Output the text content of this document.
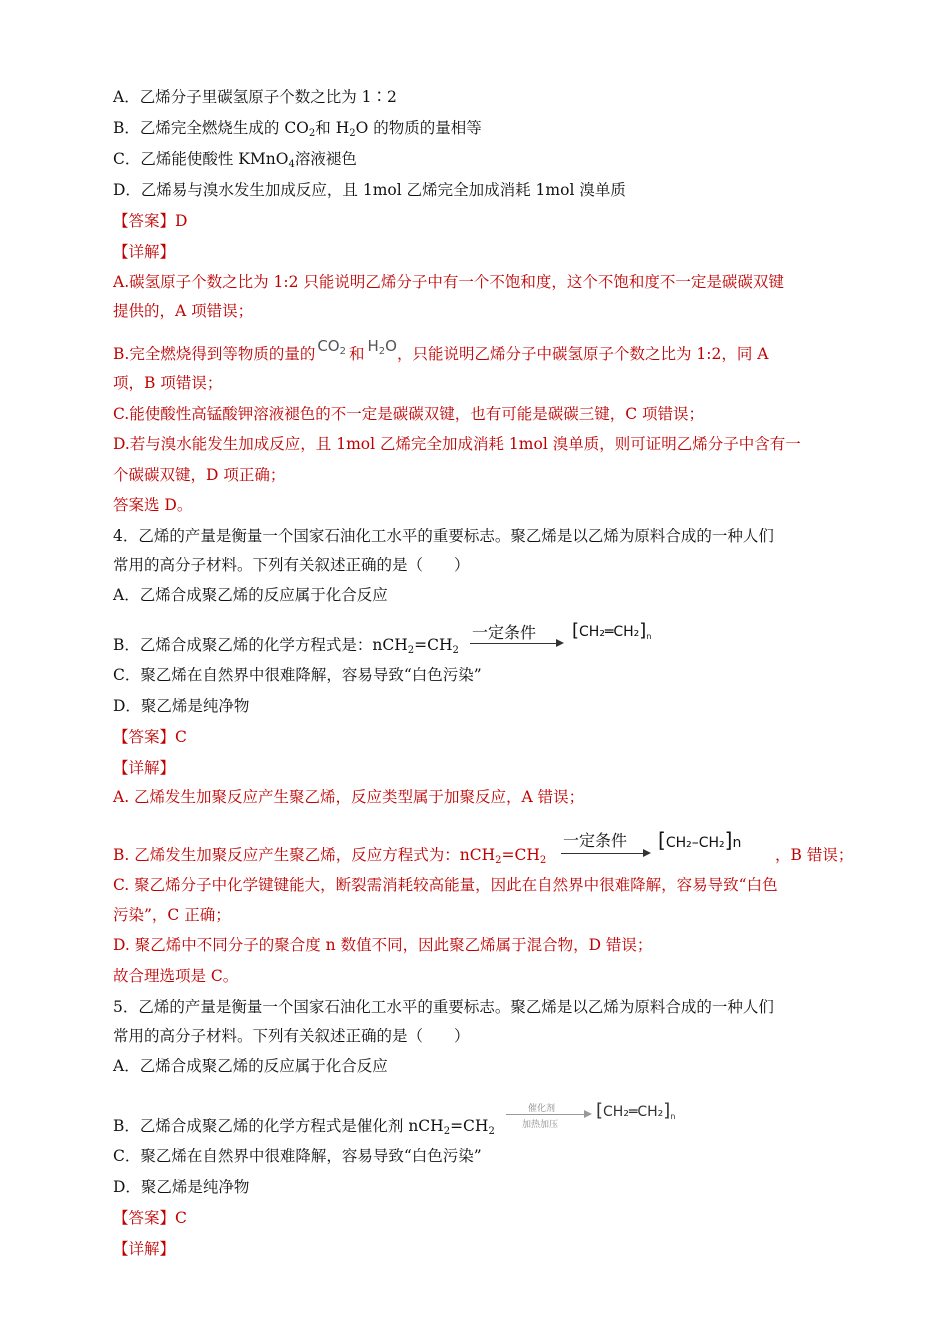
A．乙烯分子里碳氢原子个数之比为 1∶2
B．乙烯完全燃烧生成的 $CO_2$和 $H_2O$ 的物质的量相等
C．乙烯能使酸性 KMnO$_4$溶液褪色
D．乙烯易与溴水发生加成反应，且 1mol 乙烯完全加成消耗 1mol 溴单质
【答案】D
【详解】
A.碳氢原子个数之比为 1:2 只能说明乙烯分子中有一个不饱和度，这个不饱和度不一定是碳碳双键
提供的，A 项错误；
B.完全燃烧得到等物质的量的 $CO_2$ 和 $H_2O$，只能说明乙烯分子中碳氢原子个数之比为 1:2，同 A
项，B 项错误；
C.能使酸性高锰酸钾溶液褪色的不一定是碳碳双键，也有可能是碳碳三键，C 项错误；
D.若与溴水能发生加成反应，且 1mol 乙烯完全加成消耗 1mol 溴单质，则可证明乙烯分子中含有一
个碳碳双键，D 项正确；
答案选 D。
4．乙烯的产量是衡量一个国家石油化工水平的重要标志。聚乙烯是以乙烯为原料合成的一种人们
常用的高分子材料。下列有关叙述正确的是（　　）
A．乙烯合成聚乙烯的反应属于化合反应
B．乙烯合成聚乙烯的化学方程式是：$nCH_2=CH_2$
一定条件 $[CH_2═CH_2]_n$
C．聚乙烯在自然界中很难降解，容易导致“白色污染”
D．聚乙烯是纯净物
【答案】C
【详解】
A. 乙烯发生加聚反应产生聚乙烯，反应类型属于加聚反应，A 错误；
B. 乙烯发生加聚反应产生聚乙烯，反应方程式为：$nCH_2=CH_2$
一定条件 [CH₂–CH₂]n
，B 错误；
C. 聚乙烯分子中化学键键能大，断裂需消耗较高能量，因此在自然界中很难降解，容易导致“白色
污染”，C 正确；
D. 聚乙烯中不同分子的聚合度 n 数值不同，因此聚乙烯属于混合物，D 错误；
故合理选项是 C。
5．乙烯的产量是衡量一个国家石油化工水平的重要标志。聚乙烯是以乙烯为原料合成的一种人们
常用的高分子材料。下列有关叙述正确的是（　　）
A．乙烯合成聚乙烯的反应属于化合反应
B．乙烯合成聚乙烯的化学方程式是催化剂 $nCH_2=CH_2$
催化剂
加热加压
$[CH_2═CH_2]_n$
C．聚乙烯在自然界中很难降解，容易导致“白色污染”
D．聚乙烯是纯净物
【答案】C
【详解】
